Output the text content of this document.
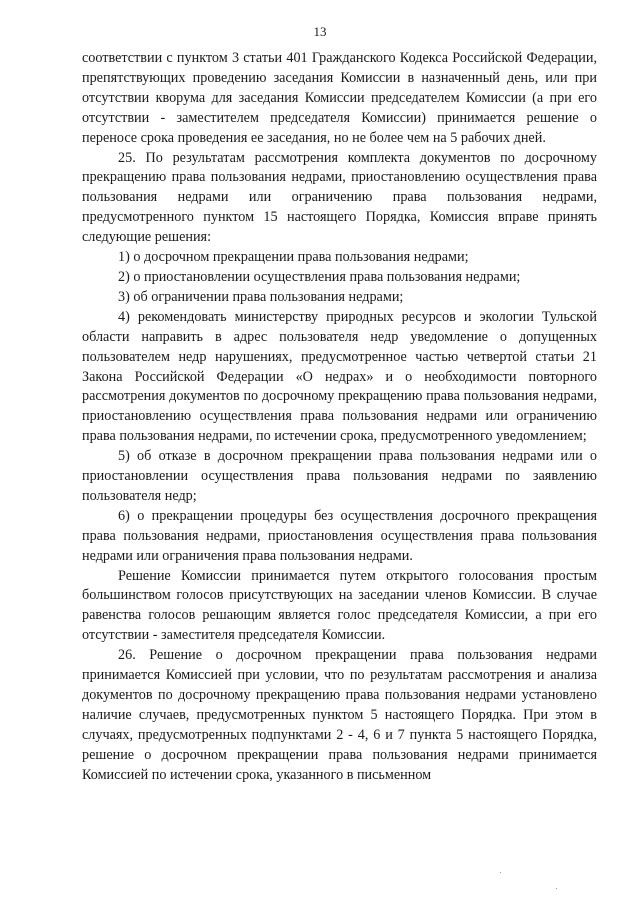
13

соответствии с пунктом 3 статьи 401 Гражданского Кодекса Российской Федерации, препятствующих проведению заседания Комиссии в назначенный день, или при отсутствии кворума для заседания Комиссии председателем Комиссии (а при его отсутствии - заместителем председателя Комиссии) принимается решение о переносе срока проведения ее заседания, но не более чем на 5 рабочих дней.

25. По результатам рассмотрения комплекта документов по досрочному прекращению права пользования недрами, приостановлению осуществления права пользования недрами или ограничению права пользования недрами, предусмотренного пунктом 15 настоящего Порядка, Комиссия вправе принять следующие решения:

1) о досрочном прекращении права пользования недрами;

2) о приостановлении осуществления права пользования недрами;

3) об ограничении права пользования недрами;

4) рекомендовать министерству природных ресурсов и экологии Тульской области направить в адрес пользователя недр уведомление о допущенных пользователем недр нарушениях, предусмотренное частью четвертой статьи 21 Закона Российской Федерации «О недрах» и о необходимости повторного рассмотрения документов по досрочному прекращению права пользования недрами, приостановлению осуществления права пользования недрами или ограничению права пользования недрами, по истечении срока, предусмотренного уведомлением;

5) об отказе в досрочном прекращении права пользования недрами или о приостановлении осуществления права пользования недрами по заявлению пользователя недр;

6) о прекращении процедуры без осуществления досрочного прекращения права пользования недрами, приостановления осуществления права пользования недрами или ограничения права пользования недрами.

Решение Комиссии принимается путем открытого голосования простым большинством голосов присутствующих на заседании членов Комиссии. В случае равенства голосов решающим является голос председателя Комиссии, а при его отсутствии - заместителя председателя Комиссии.

26. Решение о досрочном прекращении права пользования недрами принимается Комиссией при условии, что по результатам рассмотрения и анализа документов по досрочному прекращению права пользования недрами установлено наличие случаев, предусмотренных пунктом 5 настоящего Порядка. При этом в случаях, предусмотренных подпунктами 2 - 4, 6 и 7 пункта 5 настоящего Порядка, решение о досрочном прекращении права пользования недрами принимается Комиссией по истечении срока, указанного в письменном
